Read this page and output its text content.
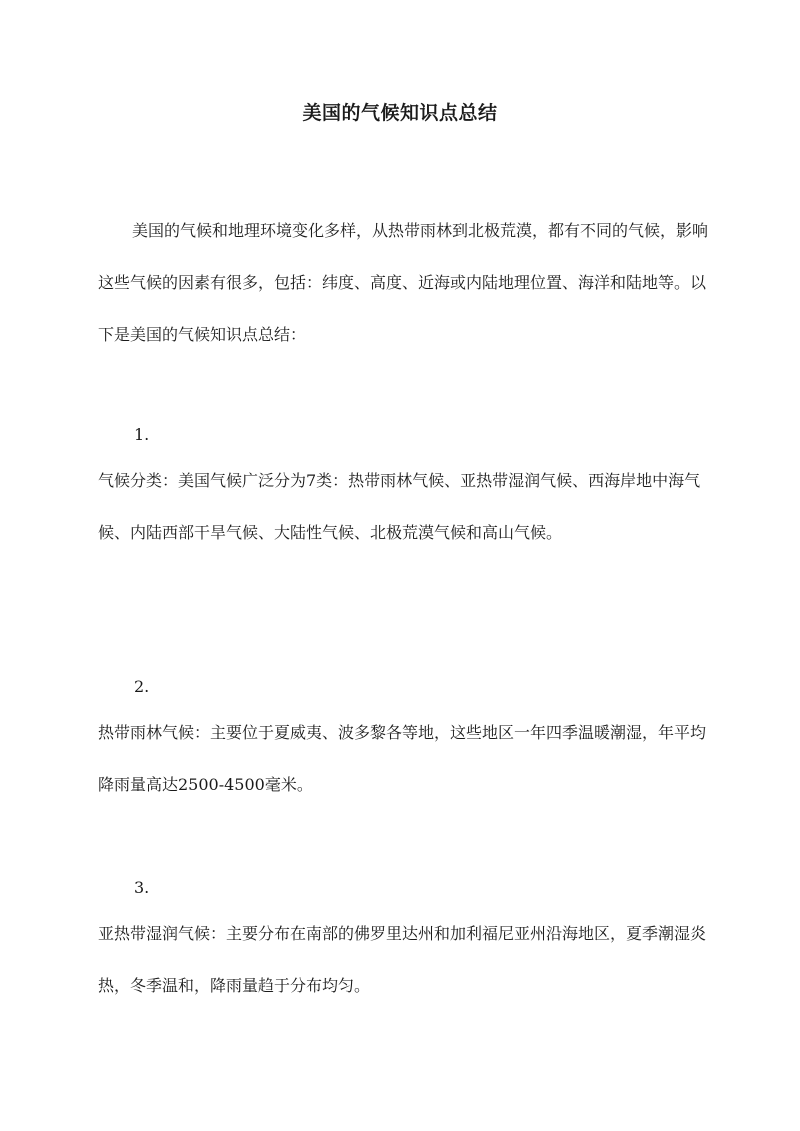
美国的气候知识点总结

美国的气候和地理环境变化多样，从热带雨林到北极荒漠，都有不同的气候，影响这些气候的因素有很多，包括：纬度、高度、近海或内陆地理位置、海洋和陆地等。以下是美国的气候知识点总结：

1.

气候分类：美国气候广泛分为7类：热带雨林气候、亚热带湿润气候、西海岸地中海气候、内陆西部干旱气候、大陆性气候、北极荒漠气候和高山气候。

2.

热带雨林气候：主要位于夏威夷、波多黎各等地，这些地区一年四季温暖潮湿，年平均降雨量高达2500-4500毫米。

3.

亚热带湿润气候：主要分布在南部的佛罗里达州和加利福尼亚州沿海地区，夏季潮湿炎热，冬季温和，降雨量趋于分布均匀。
